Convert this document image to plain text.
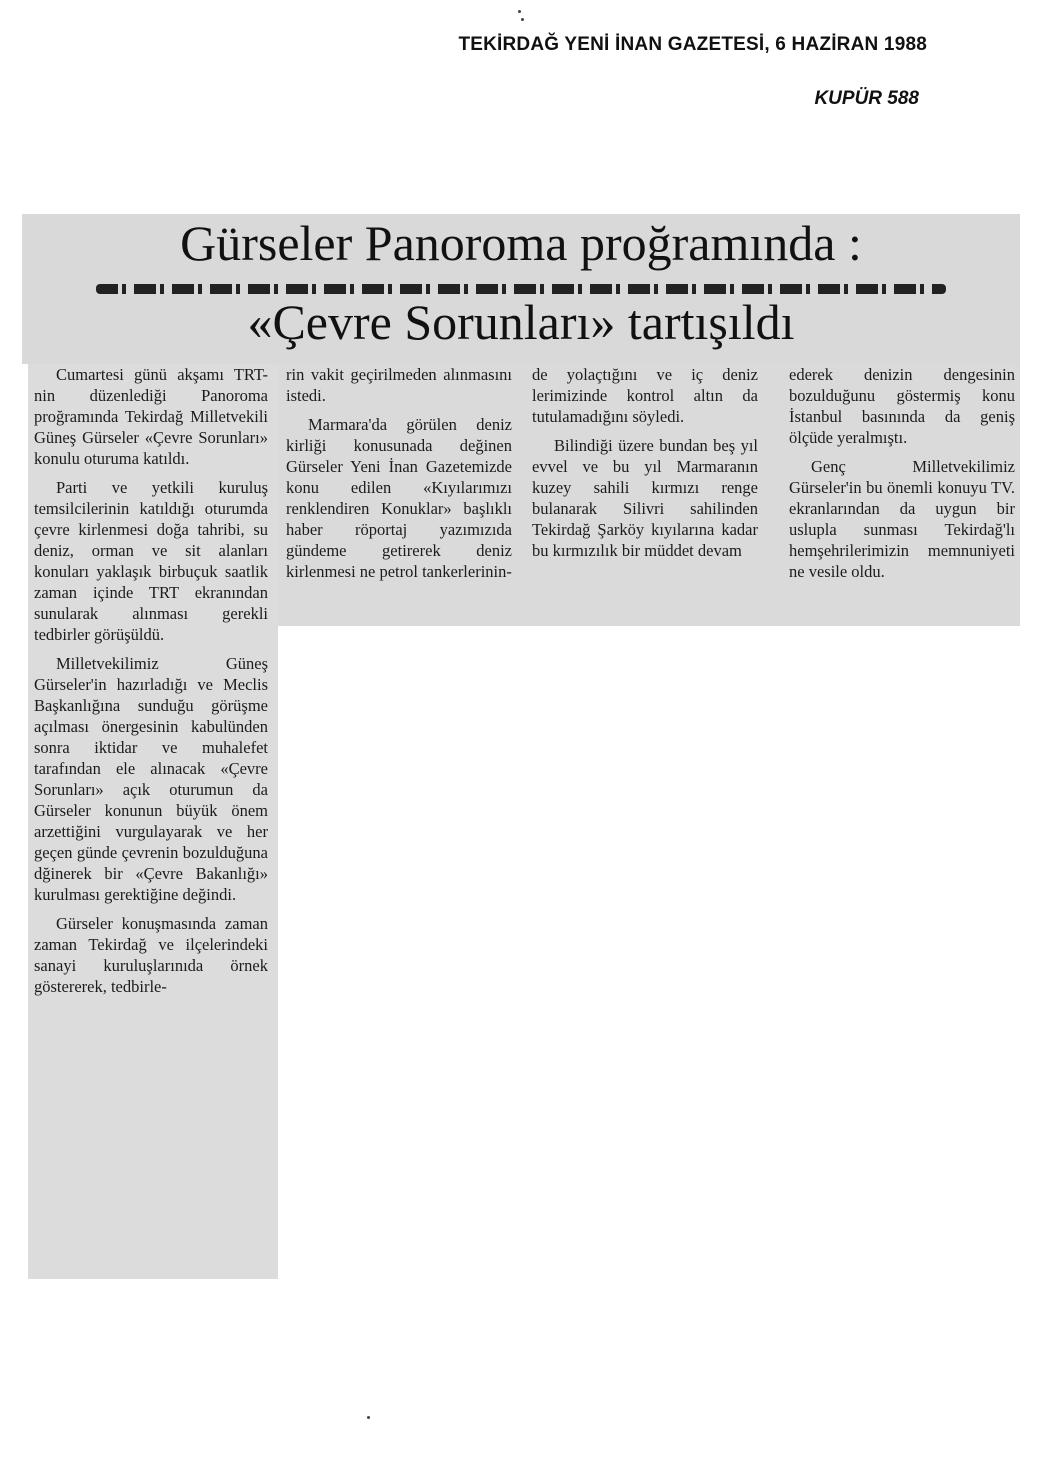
TEKİRDAĞ YENİ İNAN GAZETESİ, 6 HAZİRAN 1988
KUPÜR 588
Gürseler Panoroma proğramında :
«Çevre Sorunları» tartışıldı

Cumartesi günü akşamı TRT-nin düzenlediği Panoroma proğramında Tekirdağ Milletvekili Güneş Gürseler «Çevre Sorunları» konulu oturuma katıldı.

Parti ve yetkili kuruluş temsilcilerinin katıldığı oturumda çevre kirlenmesi doğa tahribi, su deniz, orman ve sit alanları konuları yaklaşık birbuçuk saatlik zaman içinde TRT ekranından sunularak alınması gerekli tedbirler görüşüldü.

Milletvekilimiz Güneş Gürseler'in hazırladığı ve Meclis Başkanlığına sunduğu görüşme açılması önergesinin kabulünden sonra iktidar ve muhalefet tarafından ele alınacak «Çevre Sorunları» açık oturumun da Gürseler konunun büyük önem arzettiğini vurgulayarak ve her geçen günde çevrenin bozulduğuna dğinerek bir «Çevre Bakanlığı» kurulması gerektiğine değindi.

Gürseler konuşmasında zaman zaman Tekirdağ ve ilçelerindeki sanayi kuruluşlarınıda örnek göstererek, tedbirle-

rin vakit geçirilmeden alınmasını istedi.

Marmara'da görülen deniz kirliği konusunada değinen Gürseler Yeni İnan Gazetemizde konu edilen «Kıyılarımızı renklendiren Konuklar» başlıklı haber röportaj yazımızıda gündeme getirerek deniz kirlenmesi ne petrol tankerlerinin-

de yolaçtığını ve iç deniz lerimizinde kontrol altın da tutulamadığını söyledi.

Bilindiği üzere bundan beş yıl evvel ve bu yıl Marmaranın kuzey sahili kırmızı renge bulanarak Silivri sahilinden Tekirdağ Şarköy kıyılarına kadar bu kırmızılık bir müddet devam

ederek denizin dengesinin bozulduğunu göstermiş konu İstanbul basınında da geniş ölçüde yeralmıştı.

Genç Milletvekilimiz Gürseler'in bu önemli konuyu TV. ekranlarından da uygun bir uslupla sunması Tekirdağ'lı hemşehrilerimizin memnuniyeti ne vesile oldu.
